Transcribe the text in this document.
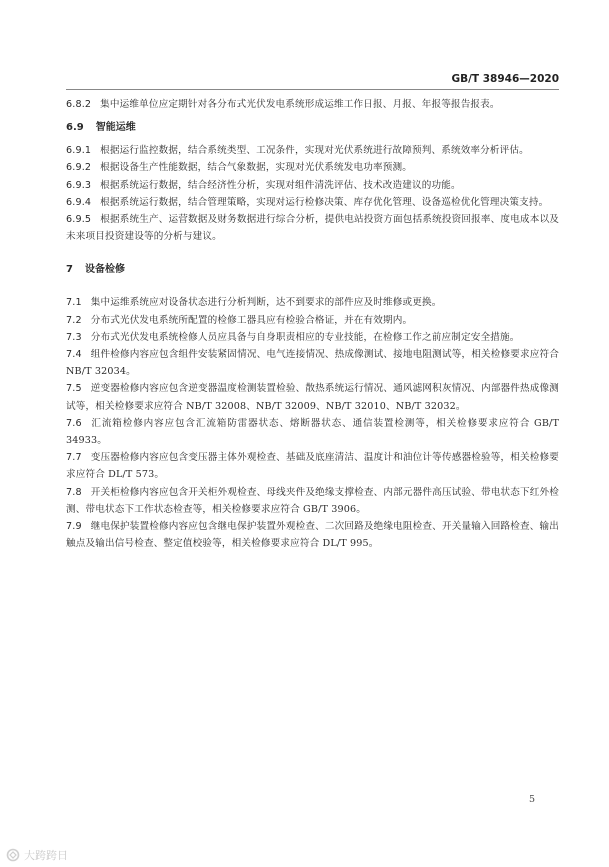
GB/T 38946—2020

6.8.2 集中运维单位应定期针对各分布式光伏发电系统形成运维工作日报、月报、年报等报告报表。

6.9 智能运维

6.9.1 根据运行监控数据，结合系统类型、工况条件，实现对光伏系统进行故障预判、系统效率分析评估。

6.9.2 根据设备生产性能数据，结合气象数据，实现对光伏系统发电功率预测。

6.9.3 根据系统运行数据，结合经济性分析，实现对组件清洗评估、技术改造建议的功能。

6.9.4 根据系统运行数据，结合管理策略，实现对运行检修决策、库存优化管理、设备巡检优化管理决策支持。

6.9.5 根据系统生产、运营数据及财务数据进行综合分析，提供电站投资方面包括系统投资回报率、度电成本以及未来项目投资建设等的分析与建议。

7 设备检修

7.1 集中运维系统应对设备状态进行分析判断，达不到要求的部件应及时维修或更换。

7.2 分布式光伏发电系统所配置的检修工器具应有检验合格证，并在有效期内。

7.3 分布式光伏发电系统检修人员应具备与自身职责相应的专业技能，在检修工作之前应制定安全措施。

7.4 组件检修内容应包含组件安装紧固情况、电气连接情况、热成像测试、接地电阻测试等，相关检修要求应符合 NB/T 32034。

7.5 逆变器检修内容应包含逆变器温度检测装置检验、散热系统运行情况、通风滤网积灰情况、内部器件热成像测试等，相关检修要求应符合 NB/T 32008、NB/T 32009、NB/T 32010、NB/T 32032。

7.6 汇流箱检修内容应包含汇流箱防雷器状态、熔断器状态、通信装置检测等，相关检修要求应符合 GB/T 34933。

7.7 变压器检修内容应包含变压器主体外观检查、基础及底座清洁、温度计和油位计等传感器检验等，相关检修要求应符合 DL/T 573。

7.8 开关柜检修内容应包含开关柜外观检查、母线夹件及绝缘支撑检查、内部元器件高压试验、带电状态下红外检测、带电状态下工作状态检查等，相关检修要求应符合 GB/T 3906。

7.9 继电保护装置检修内容应包含继电保护装置外观检查、二次回路及绝缘电阻检查、开关量输入回路检查、输出触点及输出信号检查、整定值校验等，相关检修要求应符合 DL/T 995。

5
大跨跨日
